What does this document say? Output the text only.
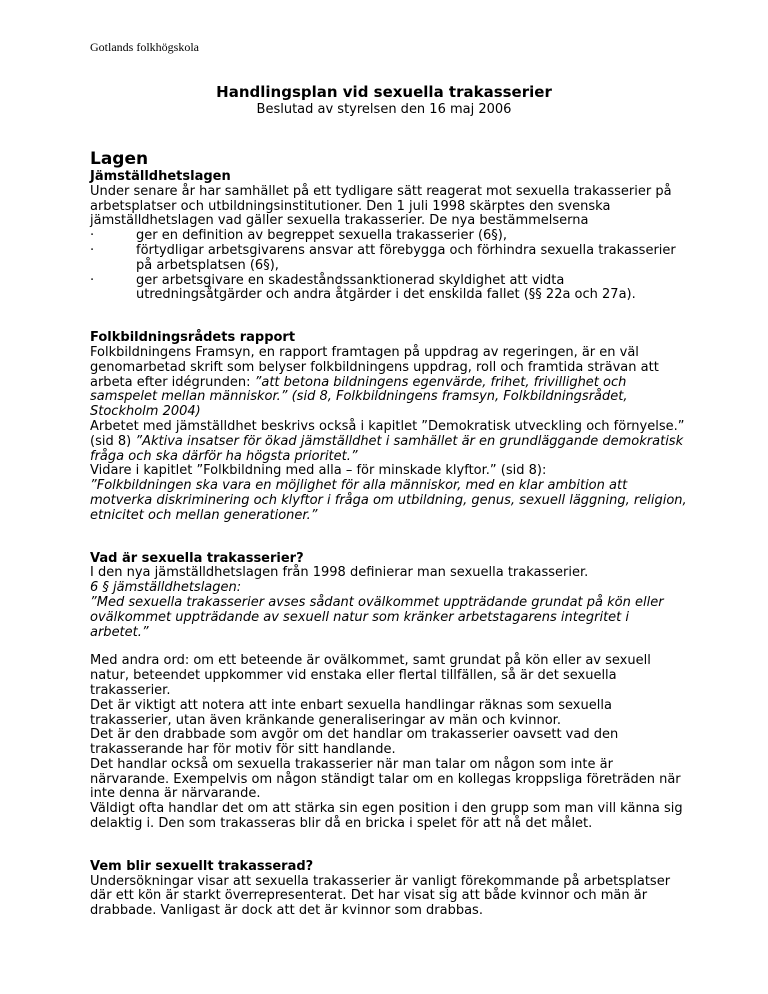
Gotlands folkhögskola
Handlingsplan vid sexuella trakasserier
Beslutad av styrelsen den 16 maj 2006
Lagen
Jämställdhetslagen

Under senare år har samhället på ett tydligare sätt reagerat mot sexuella trakasserier på arbetsplatser och utbildningsinstitutioner. Den 1 juli 1998 skärptes den svenska jämställdhetslagen vad gäller sexuella trakasserier. De nya bestämmelserna

· ger en definition av begreppet sexuella trakasserier (6§),
· förtydligar arbetsgivarens ansvar att förebygga och förhindra sexuella trakasserier på arbetsplatsen (6§),
· ger arbetsgivare en skadeståndssanktionerad skyldighet att vidta utredningsåtgärder och andra åtgärder i det enskilda fallet (§§ 22a och 27a).
Folkbildningsrådets rapport

Folkbildningens Framsyn, en rapport framtagen på uppdrag av regeringen, är en väl genomarbetad skrift som belyser folkbildningens uppdrag, roll och framtida strävan att arbeta efter idégrunden: ”att betona bildningens egenvärde, frihet, frivillighet och samspelet mellan människor.” (sid 8, Folkbildningens framsyn, Folkbildningsrådet, Stockholm 2004)

Arbetet med jämställdhet beskrivs också i kapitlet ”Demokratisk utveckling och förnyelse.” (sid 8) ”Aktiva insatser för ökad jämställdhet i samhället är en grundläggande demokratisk fråga och ska därför ha högsta prioritet.”

Vidare i kapitlet ”Folkbildning med alla – för minskade klyftor.” (sid 8):

”Folkbildningen ska vara en möjlighet för alla människor, med en klar ambition att motverka diskriminering och klyftor i fråga om utbildning, genus, sexuell läggning, religion, etnicitet och mellan generationer.”

Vad är sexuella trakasserier?

I den nya jämställdhetslagen från 1998 definierar man sexuella trakasserier.

6 § jämställdhetslagen:

”Med sexuella trakasserier avses sådant ovälkommet uppträdande grundat på kön eller ovälkommet uppträdande av sexuell natur som kränker arbetstagarens integritet i arbetet.”

Med andra ord: om ett beteende är ovälkommet, samt grundat på kön eller av sexuell natur, beteendet uppkommer vid enstaka eller flertal tillfällen, så är det sexuella trakasserier.

Det är viktigt att notera att inte enbart sexuella handlingar räknas som sexuella trakasserier, utan även kränkande generaliseringar av män och kvinnor.

Det är den drabbade som avgör om det handlar om trakasserier oavsett vad den trakasserande har för motiv för sitt handlande.

Det handlar också om sexuella trakasserier när man talar om någon som inte är närvarande. Exempelvis om någon ständigt talar om en kollegas kroppsliga företräden när inte denna är närvarande.

Väldigt ofta handlar det om att stärka sin egen position i den grupp som man vill känna sig delaktig i. Den som trakasseras blir då en bricka i spelet för att nå det målet.

Vem blir sexuellt trakasserad?

Undersökningar visar att sexuella trakasserier är vanligt förekommande på arbetsplatser där ett kön är starkt överrepresenterat. Det har visat sig att både kvinnor och män är drabbade. Vanligast är dock att det är kvinnor som drabbas.
